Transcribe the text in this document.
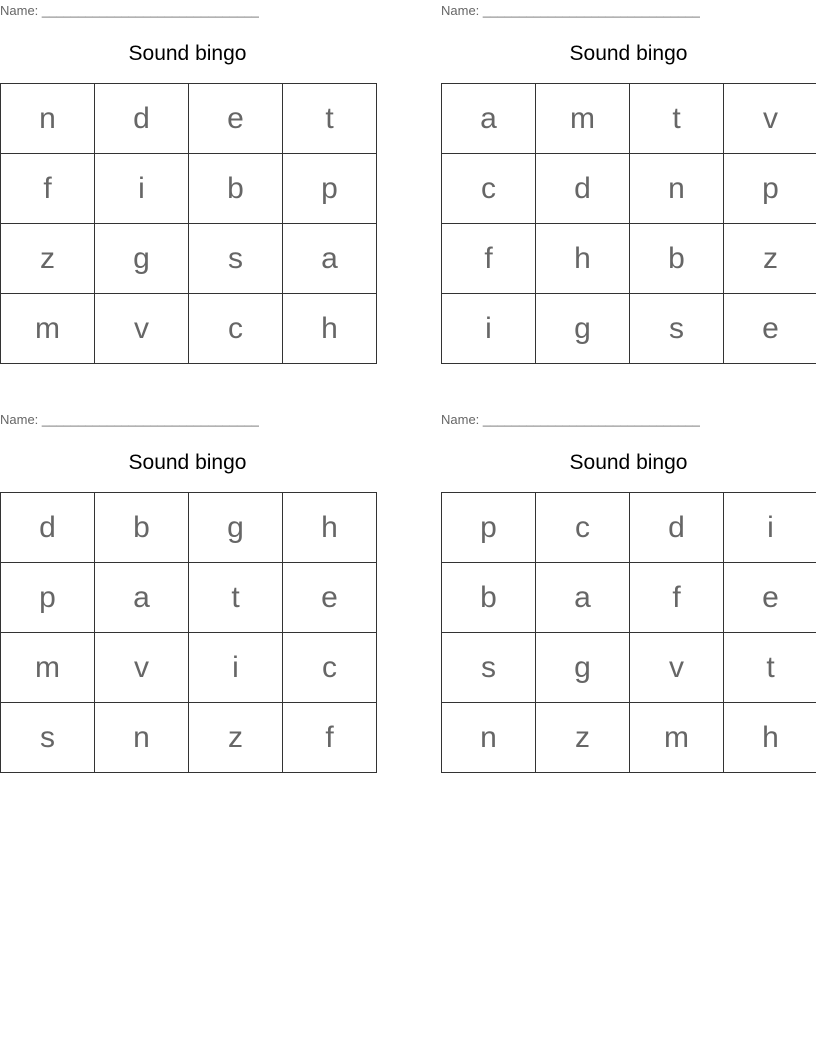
Name: ______________________________
Sound bingo
n	d	e	t
f	i	b	p
z	g	s	a
m	v	c	h
Name: ______________________________
Sound bingo
a	m	t	v
c	d	n	p
f	h	b	z
i	g	s	e
Name: ______________________________
Sound bingo
d	b	g	h
p	a	t	e
m	v	i	c
s	n	z	f
Name: ______________________________
Sound bingo
p	c	d	i
b	a	f	e
s	g	v	t
n	z	m	h
